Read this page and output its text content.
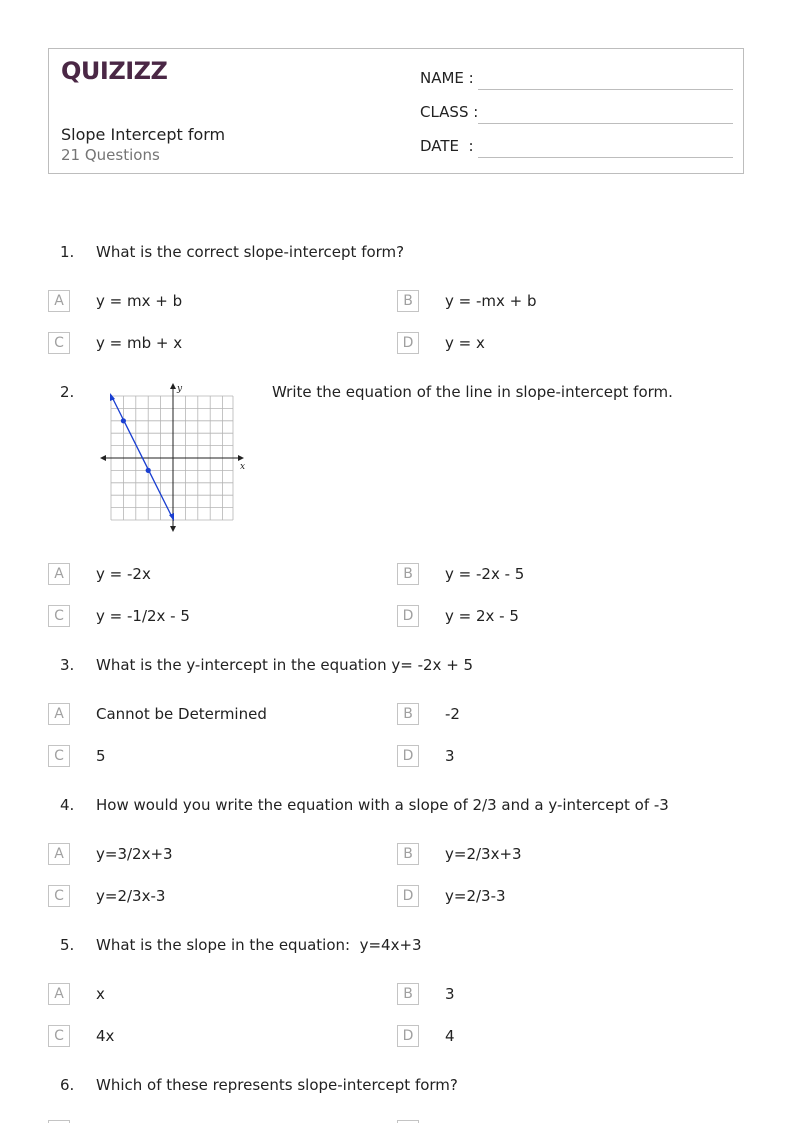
QUIZIZZ
Slope Intercept form
21 Questions
NAME :
CLASS :
DATE  :
1. What is the correct slope-intercept form?
A	y = mx + b	B	y = -mx + b
C	y = mb + x	D	y = x
2.	Write the equation of the line in slope-intercept form.
y
x
A	y = -2x	B	y = -2x - 5
C	y = -1/2x - 5	D	y = 2x - 5
3. What is the y-intercept in the equation y= -2x + 5
A	Cannot be Determined	B	-2
C	5	D	3
4. How would you write the equation with a slope of 2/3 and a y-intercept of -3
A	y=3/2x+3	B	y=2/3x+3
C	y=2/3x-3	D	y=2/3-3
5. What is the slope in the equation:  y=4x+3
A	x	B	3
C	4x	D	4
6. Which of these represents slope-intercept form?
